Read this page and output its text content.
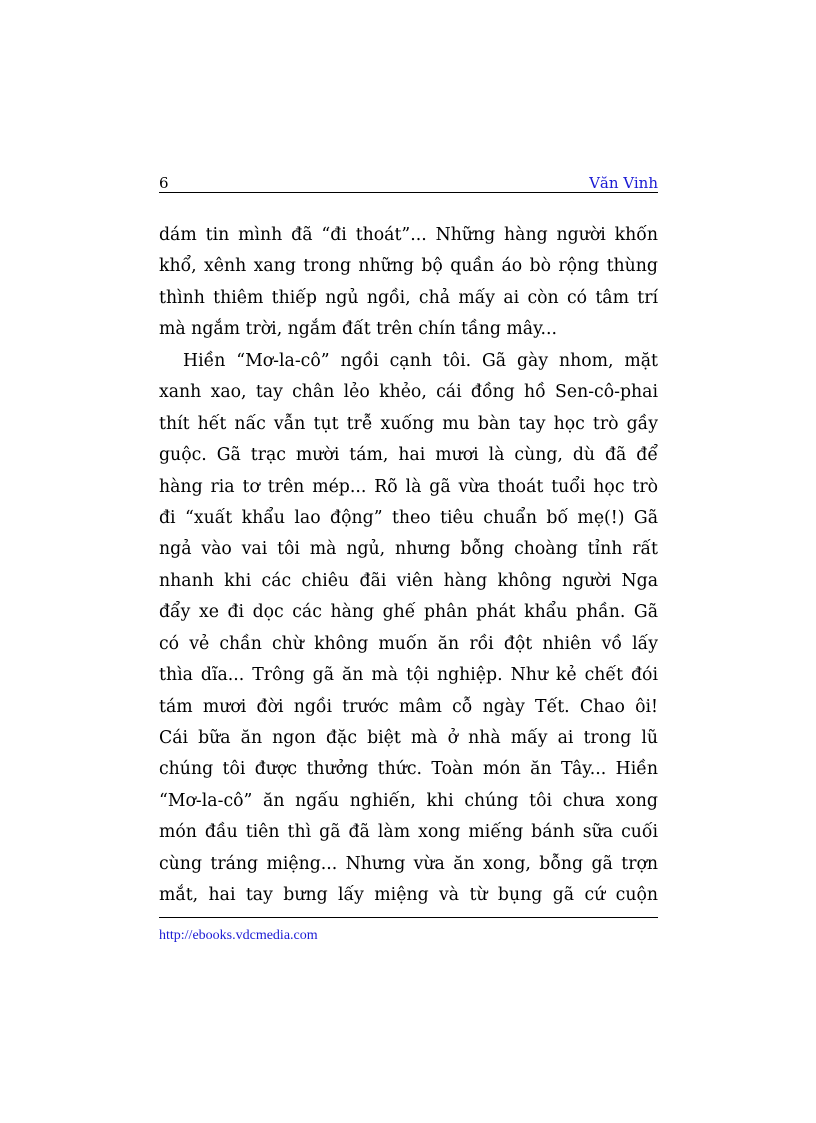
6	Văn Vinh
dám tin mình đã “đi thoát”... Những hàng người khốn
khổ, xênh xang trong những bộ quần áo bò rộng thùng
thình thiêm thiếp ngủ ngồi, chả mấy ai còn có tâm trí
mà ngắm trời, ngắm đất trên chín tầng mây...
Hiền “Mơ-la-cô” ngồi cạnh tôi. Gã gày nhom, mặt
xanh xao, tay chân lẻo khẻo, cái đồng hồ Sen-cô-phai
thít hết nấc vẫn tụt trễ xuống mu bàn tay học trò gầy
guộc. Gã trạc mười tám, hai mươi là cùng, dù đã để
hàng ria tơ trên mép... Rõ là gã vừa thoát tuổi học trò
đi “xuất khẩu lao động” theo tiêu chuẩn bố mẹ(!) Gã
ngả vào vai tôi mà ngủ, nhưng bỗng choàng tỉnh rất
nhanh khi các chiêu đãi viên hàng không người Nga
đẩy xe đi dọc các hàng ghế phân phát khẩu phần. Gã
có vẻ chần chừ không muốn ăn rồi đột nhiên vồ lấy
thìa dĩa... Trông gã ăn mà tội nghiệp. Như kẻ chết đói
tám mươi đời ngồi trước mâm cỗ ngày Tết. Chao ôi!
Cái bữa ăn ngon đặc biệt mà ở nhà mấy ai trong lũ
chúng tôi được thưởng thức. Toàn món ăn Tây... Hiền
“Mơ-la-cô” ăn ngấu nghiến, khi chúng tôi chưa xong
món đầu tiên thì gã đã làm xong miếng bánh sữa cuối
cùng tráng miệng... Nhưng vừa ăn xong, bỗng gã trợn
mắt, hai tay bưng lấy miệng và từ bụng gã cứ cuộn
http://ebooks.vdcmedia.com
